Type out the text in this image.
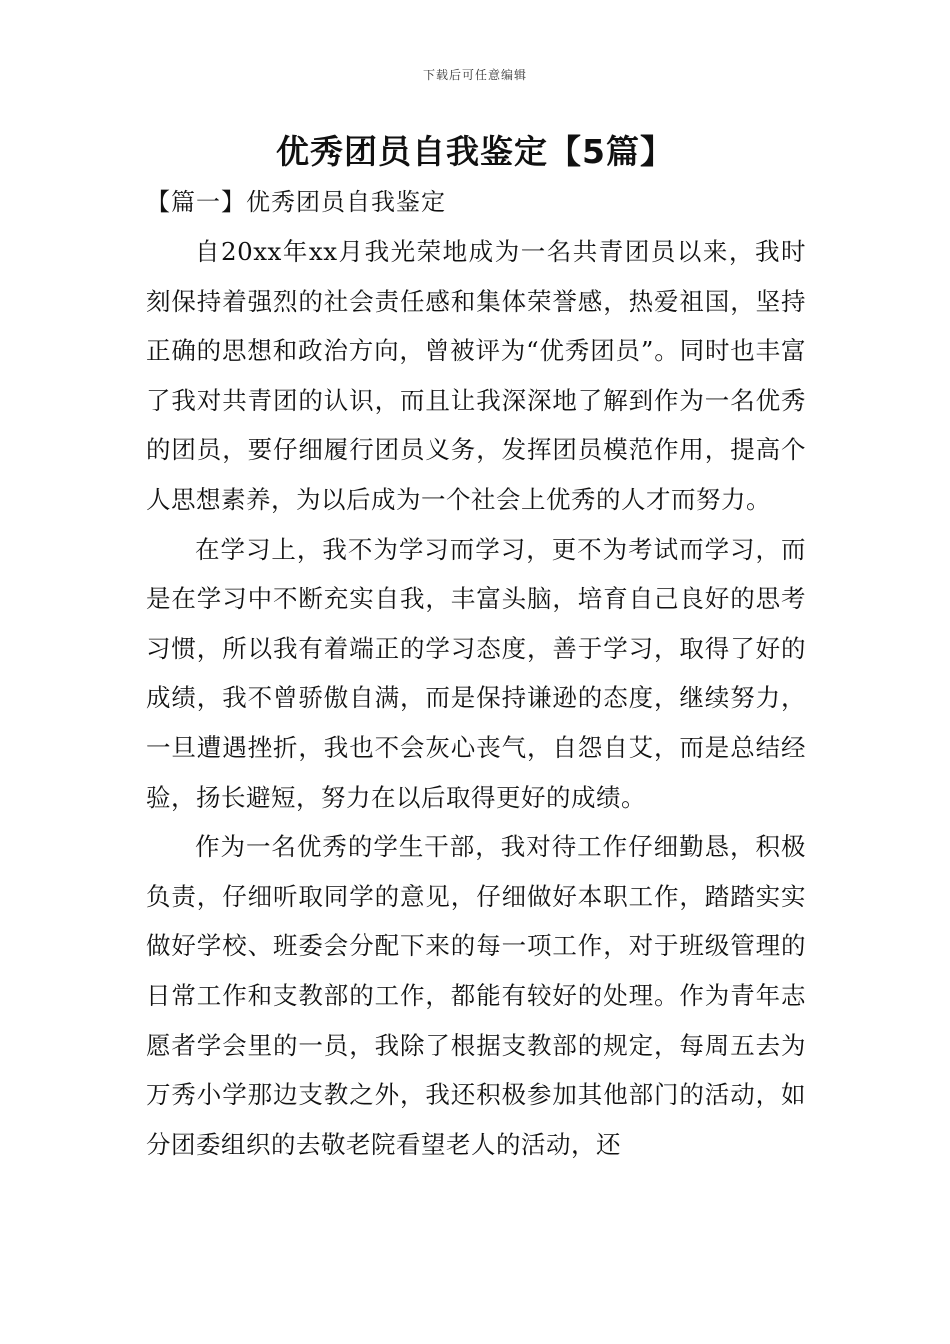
下载后可任意编辑
优秀团员自我鉴定【5篇】
【篇一】优秀团员自我鉴定

自20xx年xx月我光荣地成为一名共青团员以来，我时刻保持着强烈的社会责任感和集体荣誉感，热爱祖国，坚持正确的思想和政治方向，曾被评为“优秀团员”。同时也丰富了我对共青团的认识，而且让我深深地了解到作为一名优秀的团员，要仔细履行团员义务，发挥团员模范作用，提高个人思想素养，为以后成为一个社会上优秀的人才而努力。

在学习上，我不为学习而学习，更不为考试而学习，而是在学习中不断充实自我，丰富头脑，培育自己良好的思考习惯，所以我有着端正的学习态度，善于学习，取得了好的成绩，我不曾骄傲自满，而是保持谦逊的态度，继续努力，一旦遭遇挫折，我也不会灰心丧气，自怨自艾，而是总结经验，扬长避短，努力在以后取得更好的成绩。

作为一名优秀的学生干部，我对待工作仔细勤恳，积极负责，仔细听取同学的意见，仔细做好本职工作，踏踏实实做好学校、班委会分配下来的每一项工作，对于班级管理的日常工作和支教部的工作，都能有较好的处理。作为青年志愿者学会里的一员，我除了根据支教部的规定，每周五去为万秀小学那边支教之外，我还积极参加其他部门的活动，如分团委组织的去敬老院看望老人的活动，还
